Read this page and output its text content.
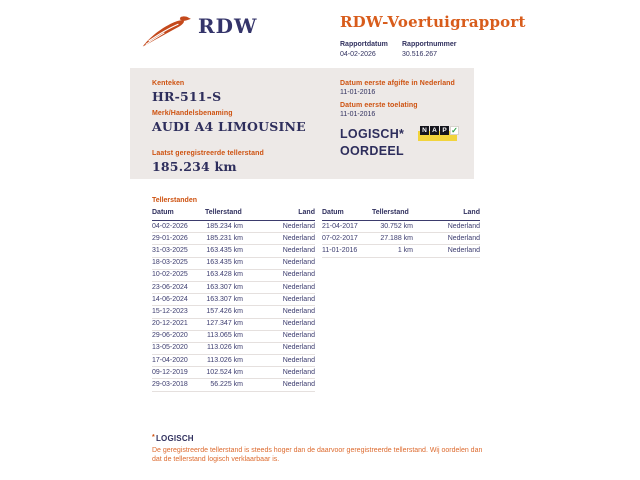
RDW	RDW-Voertuigrapport
Rapportdatum
04-02-2026
Rapportnummer
30.516.267
Kenteken
HR-511-S
Merk/Handelsbenaming
AUDI A4 LIMOUSINE
Laatst geregistreerde tellerstand
185.234 km
Datum eerste afgifte in Nederland
11-01-2016
Datum eerste toelating
11-01-2016
LOGISCH*
OORDEEL
N A P ✓
Tellerstanden
Datum	Tellerstand	Land
04-02-2026	185.234 km	Nederland
29-01-2026	185.231 km	Nederland
31-03-2025	163.435 km	Nederland
18-03-2025	163.435 km	Nederland
10-02-2025	163.428 km	Nederland
23-06-2024	163.307 km	Nederland
14-06-2024	163.307 km	Nederland
15-12-2023	157.426 km	Nederland
20-12-2021	127.347 km	Nederland
29-06-2020	113.065 km	Nederland
13-05-2020	113.026 km	Nederland
17-04-2020	113.026 km	Nederland
09-12-2019	102.524 km	Nederland
29-03-2018	56.225 km	Nederland
Datum	Tellerstand	Land
21-04-2017	30.752 km	Nederland
07-02-2017	27.188 km	Nederland
11-01-2016	1 km	Nederland
*LOGISCH

De geregistreerde tellerstand is steeds hoger dan de daarvoor geregistreerde tellerstand. Wij oordelen dan dat de tellerstand logisch verklaarbaar is.
